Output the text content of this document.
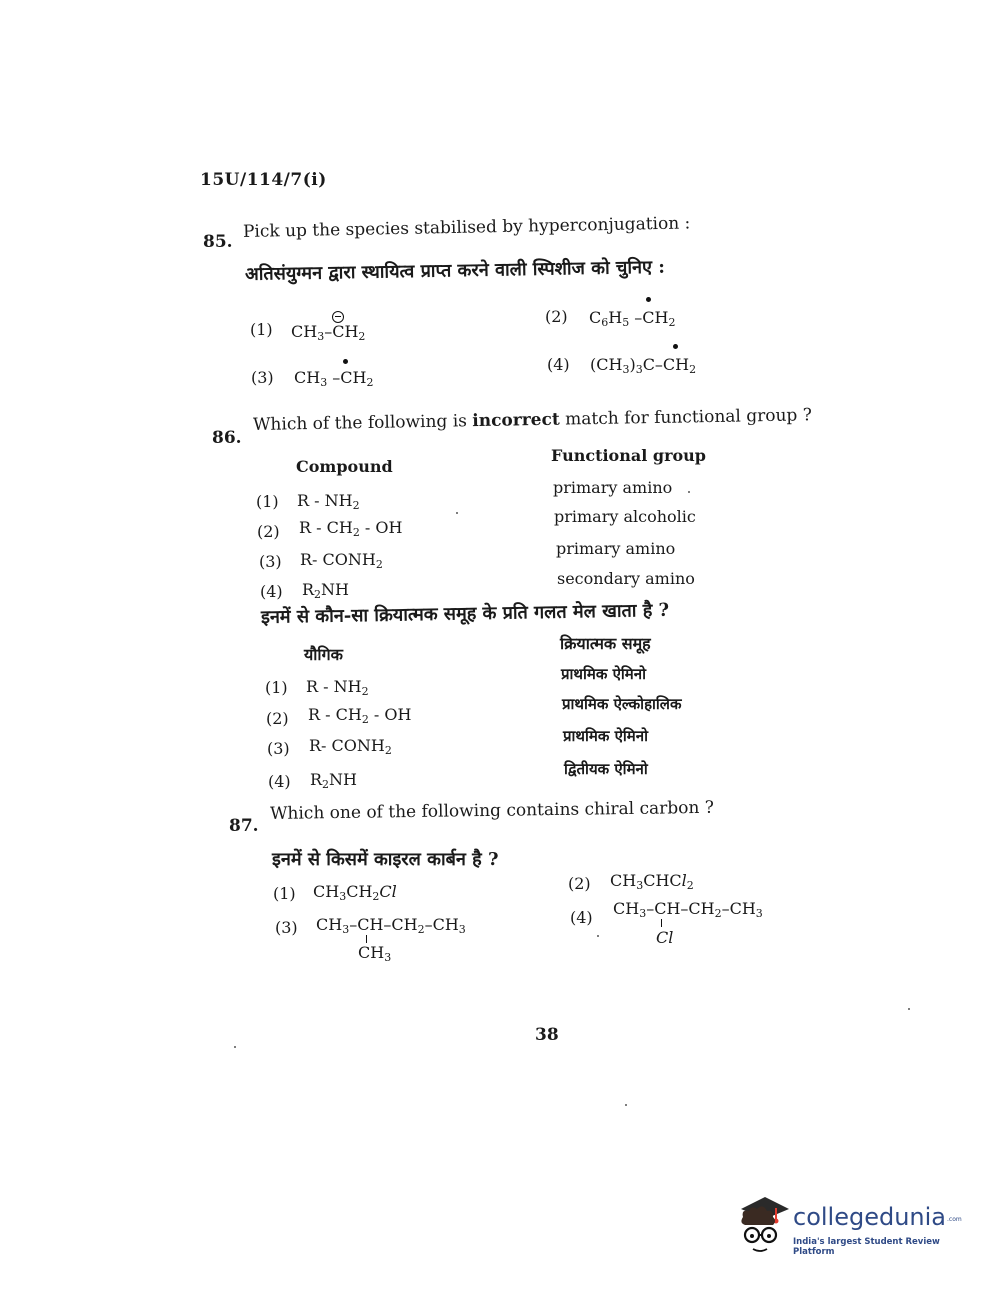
15U/114/7(i)
85.
Pick up the species stabilised by hyperconjugation :
अतिसंयुग्मन द्वारा स्थायित्व प्राप्त करने वाली स्पिशीज को चुनिए :
(1) $CH_3-CH_2$
(2) $C_6H_5$ $-CH_2$
(3) $CH_3$ $-CH_2$
(4) $(CH_3)_3C-CH_2$
86.
Which of the following is incorrect match for functional group ?
Compound
Functional group
(1) R - $NH_2$
primary amino
(2) R - $CH_2$ - OH
primary alcoholic
(3) R- $CONH_2$
primary amino
(4) $R_2NH$
secondary amino
इनमें से कौन-सा क्रियात्मक समूह के प्रति गलत मेल खाता है ?
यौगिक
क्रियात्मक समूह
(1) R - $NH_2$
प्राथमिक ऐमिनो
(2) R - $CH_2$ - OH
प्राथमिक ऐल्कोहालिक
(3) R- $CONH_2$
प्राथमिक ऐमिनो
(4) $R_2NH$
द्वितीयक ऐमिनो
87.
Which one of the following contains chiral carbon ?
इनमें से किसमें काइरल कार्बन है ?
(1) $CH_3CH_2Cl$	(2) $CH_3CHCl_2$
(3) $CH_3-CH-CH_2-CH_3$
$CH_3$
(4) $CH_3-CH-CH_2-CH_3$
Cl
38
collegedunia .com
India's largest Student Review Platform
